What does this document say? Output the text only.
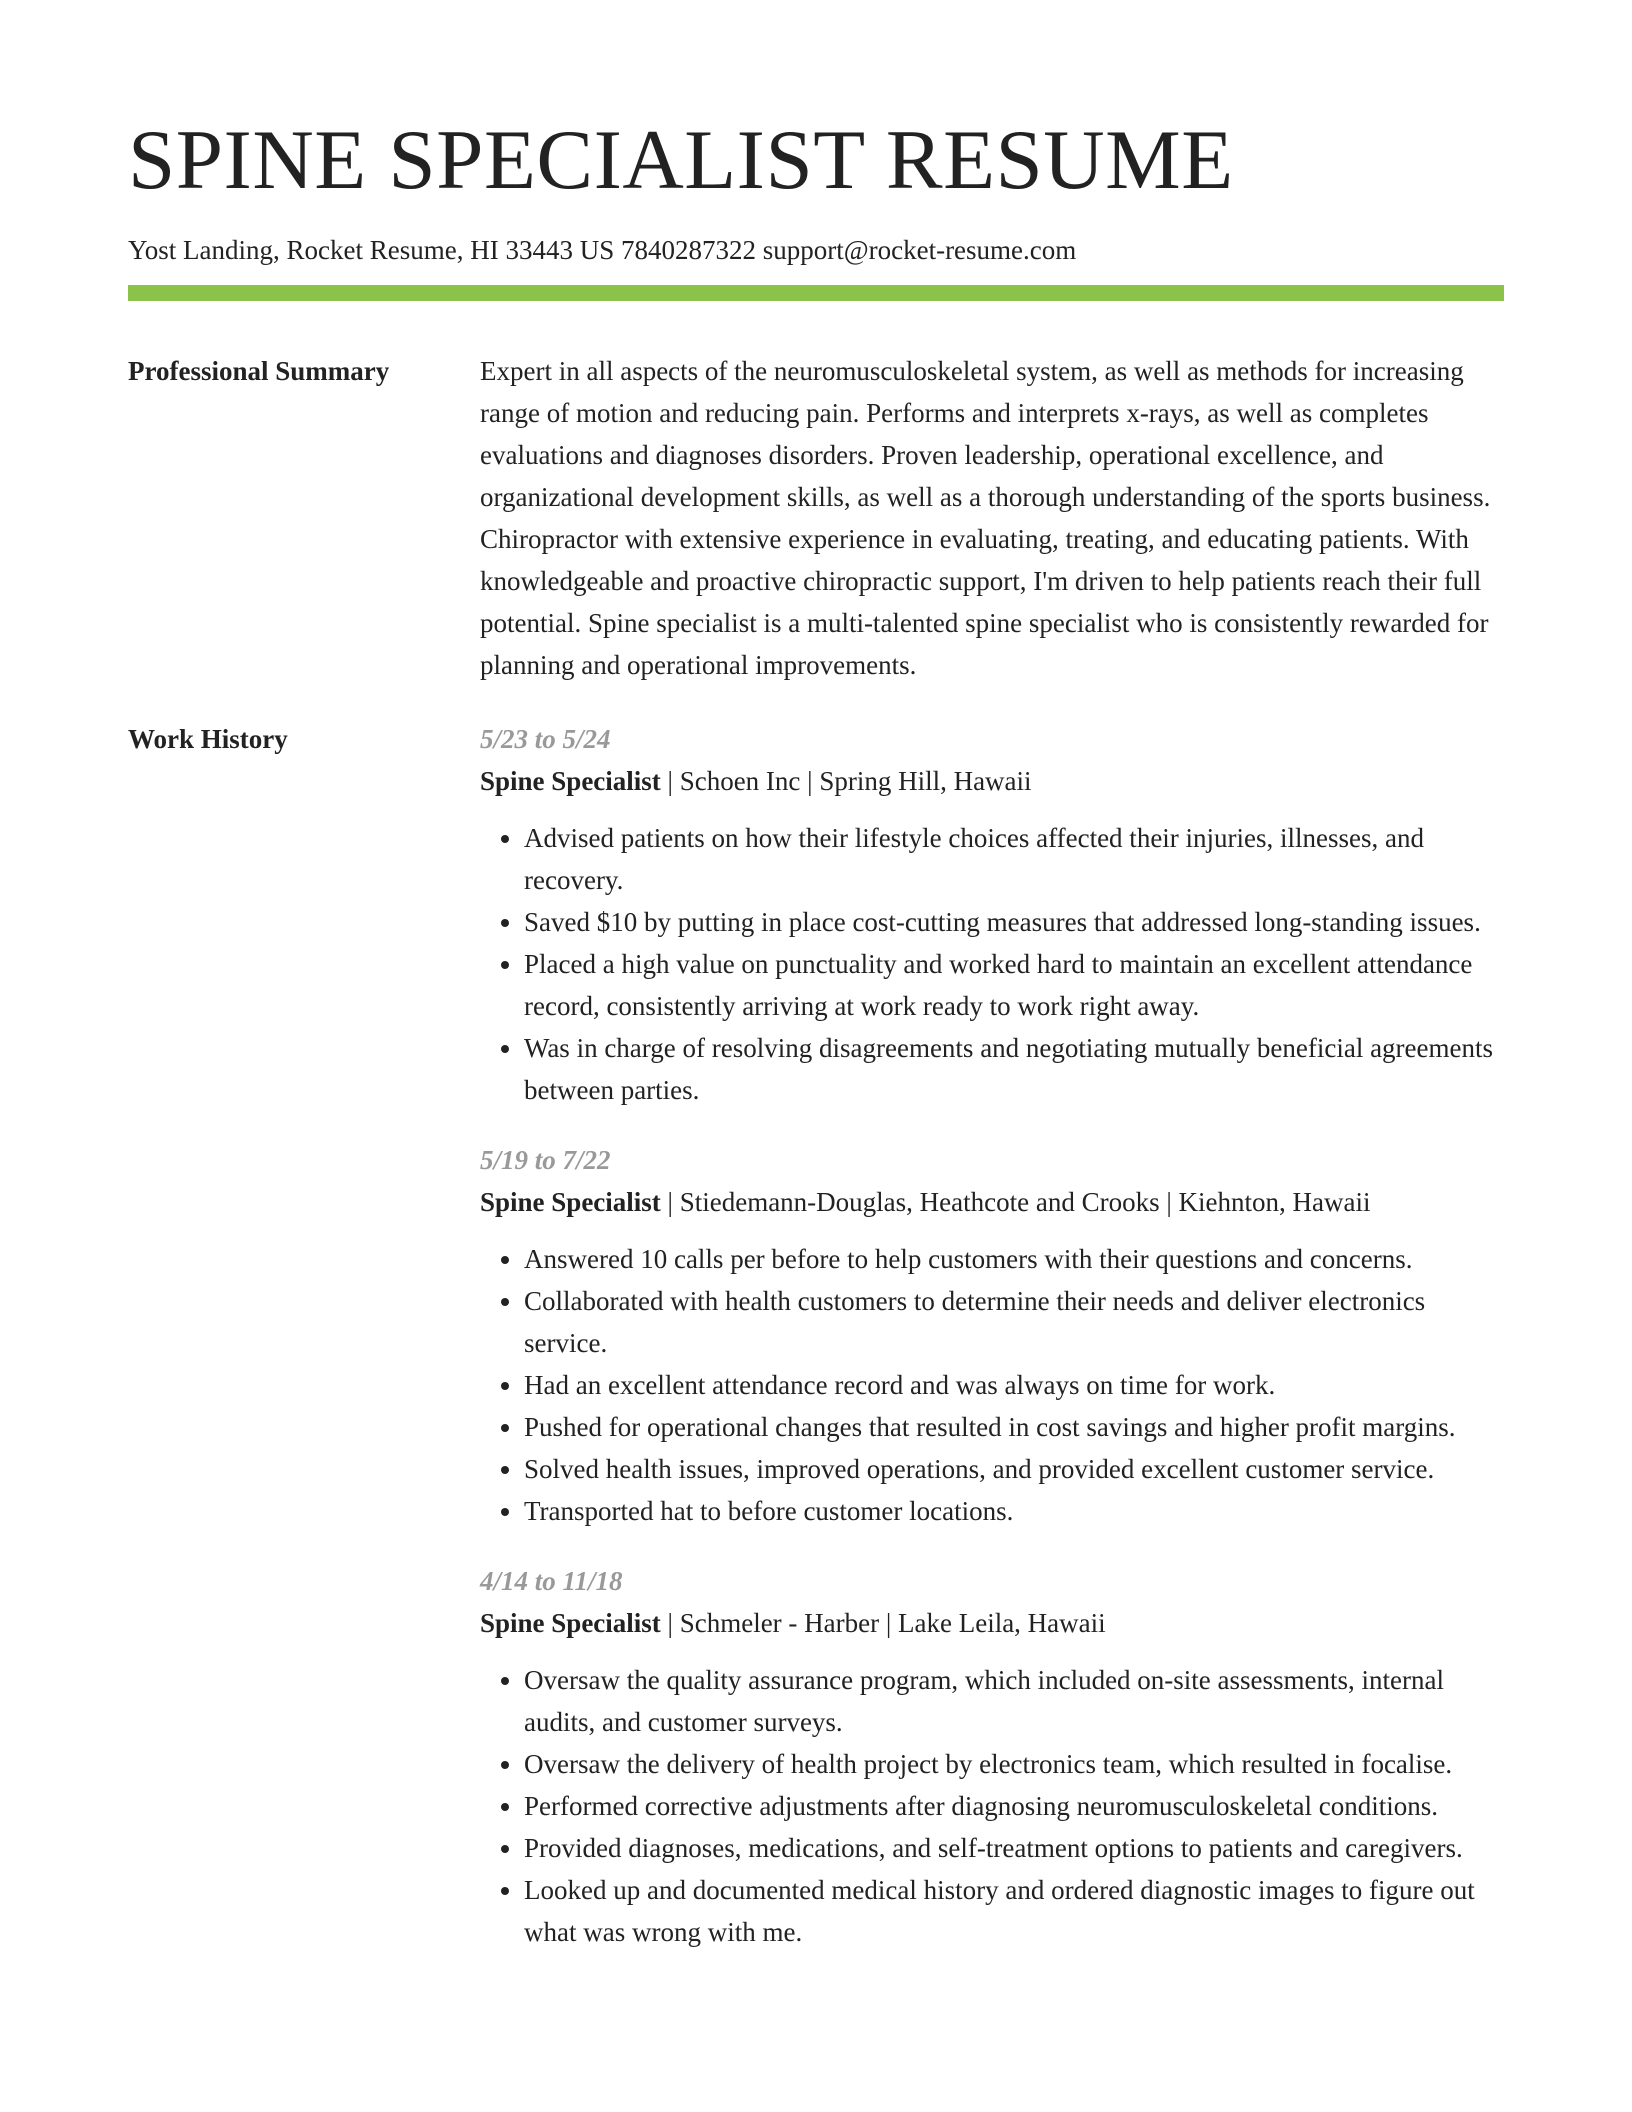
SPINE SPECIALIST RESUME
Yost Landing, Rocket Resume, HI 33443 US 7840287322 support@rocket-resume.com
Professional Summary	Expert in all aspects of the neuromusculoskeletal system, as well as methods for increasing range of motion and reducing pain. Performs and interprets x-rays, as well as completes evaluations and diagnoses disorders. Proven leadership, operational excellence, and organizational development skills, as well as a thorough understanding of the sports business. Chiropractor with extensive experience in evaluating, treating, and educating patients. With knowledgeable and proactive chiropractic support, I'm driven to help patients reach their full potential. Spine specialist is a multi-talented spine specialist who is consistently rewarded for planning and operational improvements.

Work History	5/23 to 5/24
Spine Specialist | Schoen Inc | Spring Hill, Hawaii
• Advised patients on how their lifestyle choices affected their injuries, illnesses, and recovery.
• Saved $10 by putting in place cost-cutting measures that addressed long-standing issues.
• Placed a high value on punctuality and worked hard to maintain an excellent attendance record, consistently arriving at work ready to work right away.
• Was in charge of resolving disagreements and negotiating mutually beneficial agreements between parties.
5/19 to 7/22
Spine Specialist | Stiedemann-Douglas, Heathcote and Crooks | Kiehnton, Hawaii
• Answered 10 calls per before to help customers with their questions and concerns.
• Collaborated with health customers to determine their needs and deliver electronics service.
• Had an excellent attendance record and was always on time for work.
• Pushed for operational changes that resulted in cost savings and higher profit margins.
• Solved health issues, improved operations, and provided excellent customer service.
• Transported hat to before customer locations.
4/14 to 11/18
Spine Specialist | Schmeler - Harber | Lake Leila, Hawaii
• Oversaw the quality assurance program, which included on-site assessments, internal audits, and customer surveys.
• Oversaw the delivery of health project by electronics team, which resulted in focalise.
• Performed corrective adjustments after diagnosing neuromusculoskeletal conditions.
• Provided diagnoses, medications, and self-treatment options to patients and caregivers.
• Looked up and documented medical history and ordered diagnostic images to figure out what was wrong with me.
